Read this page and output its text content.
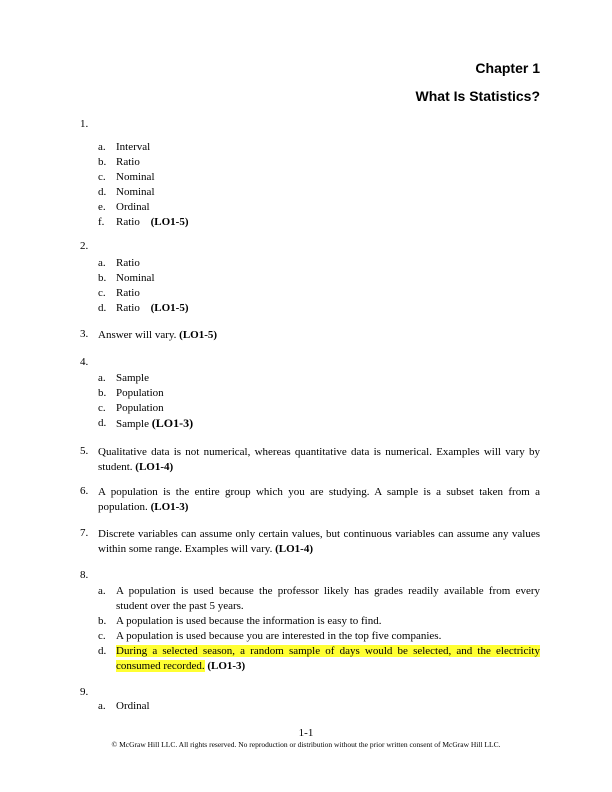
Chapter 1
What Is Statistics?
1.
a. Interval
b. Ratio
c. Nominal
d. Nominal
e. Ordinal
f. Ratio (LO1-5)
2.
a. Ratio
b. Nominal
c. Ratio
d. Ratio (LO1-5)
3. Answer will vary. (LO1-5)
4.
a. Sample
b. Population
c. Population
d. Sample (LO1-3)
5. Qualitative data is not numerical, whereas quantitative data is numerical. Examples will vary by student. (LO1-4)
6. A population is the entire group which you are studying. A sample is a subset taken from a population. (LO1-3)
7. Discrete variables can assume only certain values, but continuous variables can assume any values within some range. Examples will vary. (LO1-4)
8.
a. A population is used because the professor likely has grades readily available from every student over the past 5 years.
b. A population is used because the information is easy to find.
c. A population is used because you are interested in the top five companies.
d. During a selected season, a random sample of days would be selected, and the electricity consumed recorded. (LO1-3)
9.
a. Ordinal
1-1
© McGraw Hill LLC. All rights reserved. No reproduction or distribution without the prior written consent of McGraw Hill LLC.
